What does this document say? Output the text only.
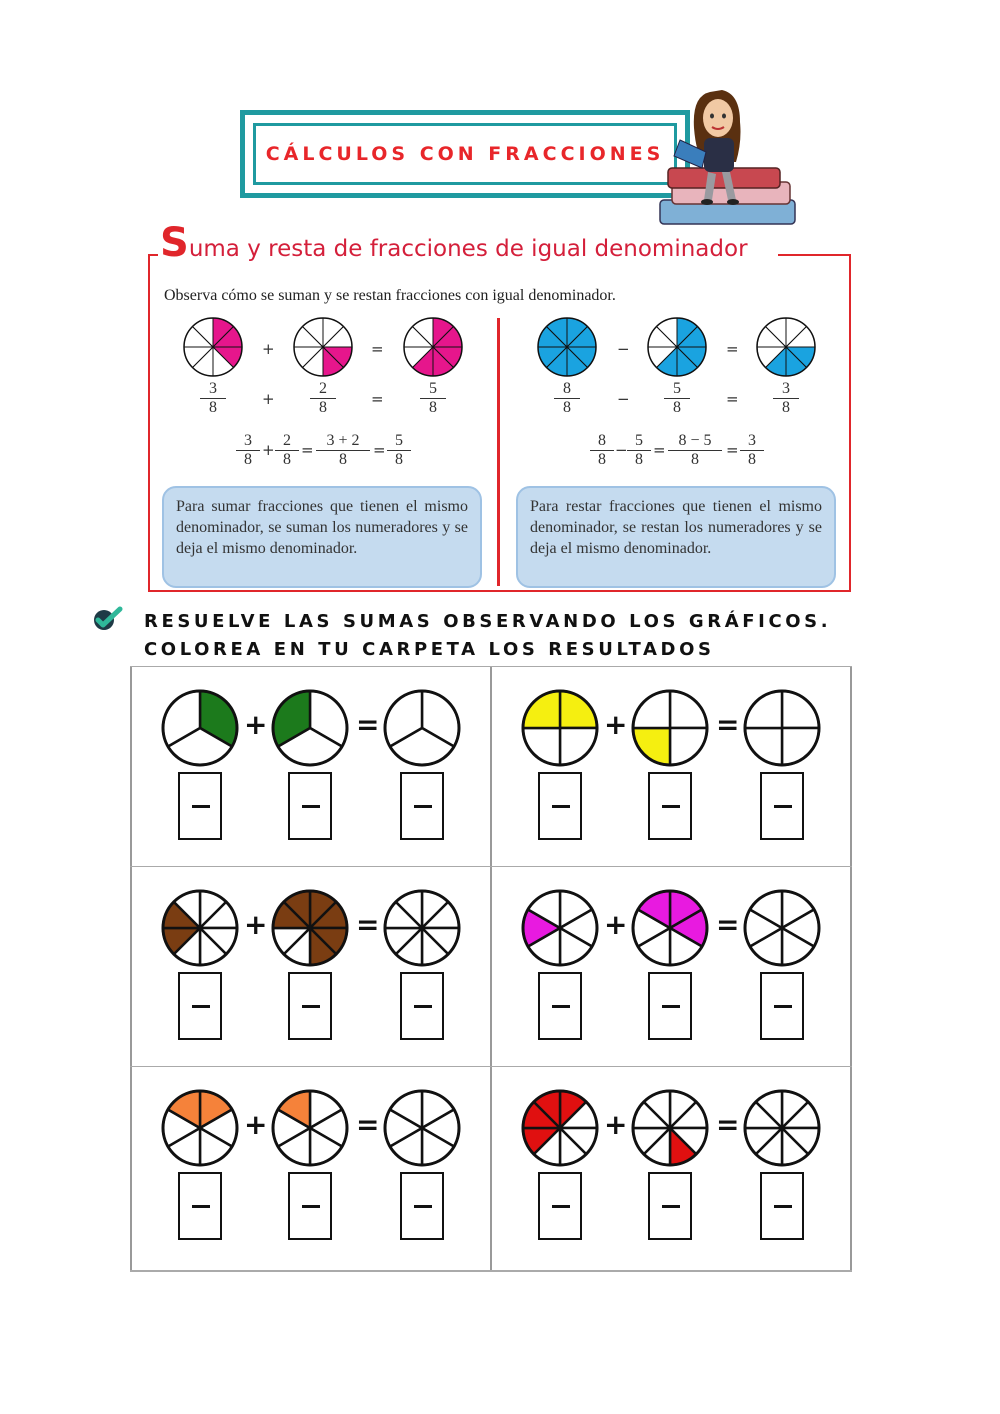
CÁLCULOS CON FRACCIONES
Suma y resta de fracciones de igual denominador
Observa cómo se suman y se restan fracciones con igual denominador.
+	=
$\frac{3}{8} + \frac{2}{8} = \frac{5}{8}$
$\frac{3}{8} + \frac{2}{8} = \frac{3 + 2}{8} = \frac{5}{8}$
−	=
$\frac{8}{8} - \frac{5}{8} = \frac{3}{8}$
$\frac{8}{8} - \frac{5}{8} = \frac{8 - 5}{8} = \frac{3}{8}$
Para sumar fracciones que tienen el mismo denominador, se suman los numeradores y se deja el mismo denominador.
Para restar fracciones que tienen el mismo denominador, se restan los numeradores y se deja el mismo denominador.
RESUELVE LAS SUMAS OBSERVANDO LOS GRÁFICOS.
COLOREA EN TU CARPETA LOS RESULTADOS
+	=	+	=
+	=	+	=
+	=	+	=
